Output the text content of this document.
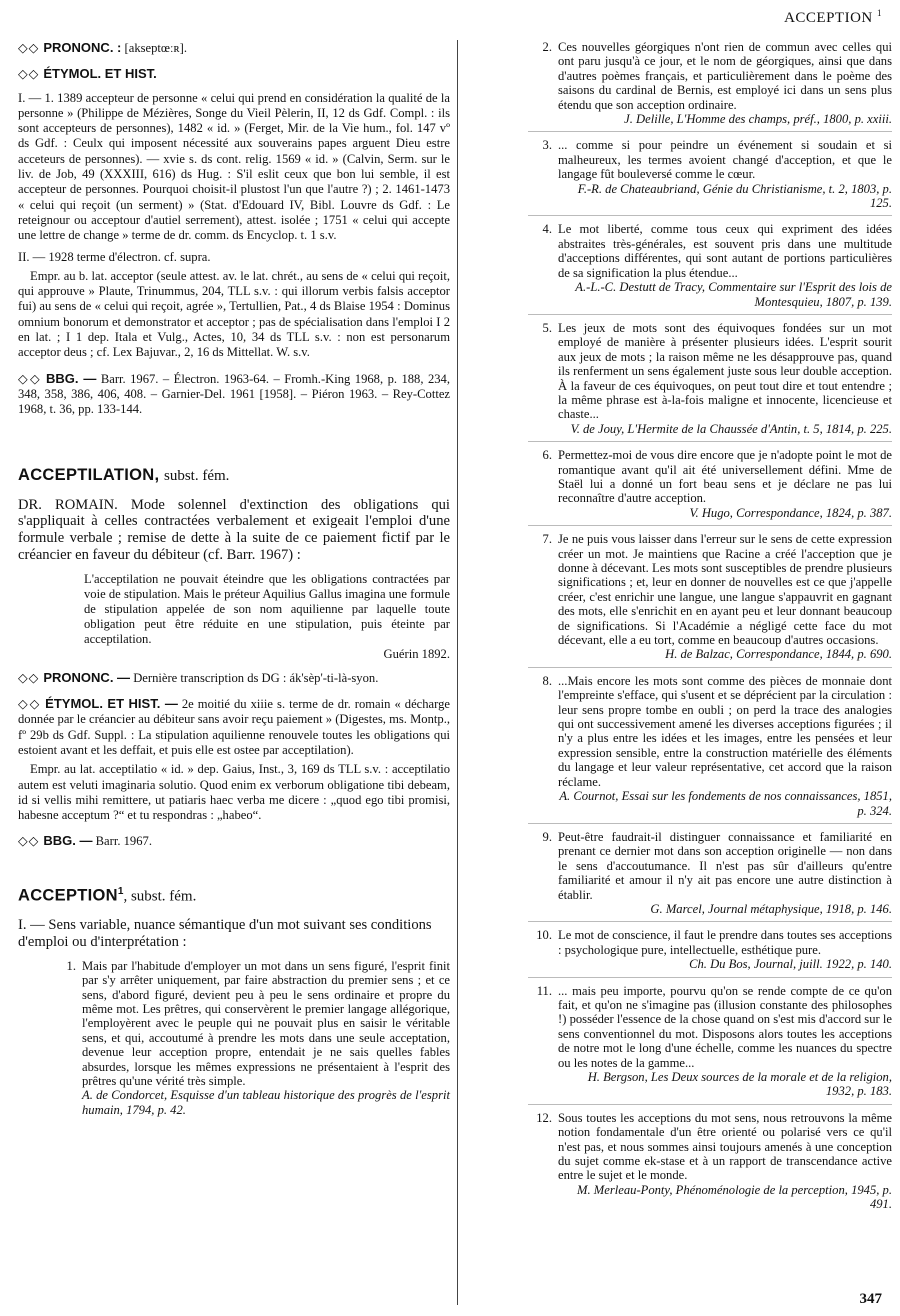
ACCEPTION $^1$

◇◇ PRONONC. : [akseptœːʀ].

◇◇ ÉTYMOL. ET HIST.

I. — 1. 1389 accepteur de personne « celui qui prend en considération la qualité de la personne » (Philippe de Mézières, Songe du Vieil Pèlerin, II, 12 ds Gdf. Compl. : ils sont accepteurs de personnes), 1482 « id. » (Ferget, Mir. de la Vie hum., fol. 147 vº ds Gdf. : Ceulx qui imposent nécessité aux souverains papes arguent Dieu estre acceteurs de personnes). — xvie s. ds cont. relig. 1569 « id. » (Calvin, Serm. sur le liv. de Job, 49 (XXXIII, 616) ds Hug. : S'il eslit ceux que bon lui semble, il est accepteur de personnes. Pourquoi choisit-il plustost l'un que l'autre ?) ; 2. 1461-1473 « celui qui reçoit (un serment) » (Stat. d'Edouard IV, Bibl. Louvre ds Gdf. : Le reteignour ou acceptour d'autiel serrement), attest. isolée ; 1751 « celui qui accepte une lettre de change » terme de dr. comm. ds Encyclop. t. 1 s.v.

II. — 1928 terme d'électron. cf. supra.

Empr. au b. lat. acceptor (seule attest. av. le lat. chrét., au sens de « celui qui reçoit, qui approuve » Plaute, Trinummus, 204, TLL s.v. : qui illorum verbis falsis acceptor fui) au sens de « celui qui reçoit, agrée », Tertullien, Pat., 4 ds Blaise 1954 : Dominus omnium bonorum et demonstrator et acceptor ; pas de spécialisation dans l'emploi I 2 en lat. ; I 1 dep. Itala et Vulg., Actes, 10, 34 ds TLL s.v. : non est personarum acceptor deus ; cf. Lex Bajuvar., 2, 16 ds Mittellat. W. s.v.

◇◇ BBG. — Barr. 1967. – Électron. 1963-64. – Fromh.-King 1968, p. 188, 234, 348, 358, 386, 406, 408. – Garnier-Del. 1961 [1958]. – Piéron 1963. – Rey-Cottez 1968, t. 36, pp. 133-144.

ACCEPTILATION, subst. fém.

DR. ROMAIN. Mode solennel d'extinction des obligations qui s'appliquait à celles contractées verbalement et exigeait l'emploi d'une formule verbale ; remise de dette à la suite de ce paiement fictif par le créancier en faveur du débiteur (cf. Barr. 1967) :

L'acceptilation ne pouvait éteindre que les obligations contractées par voie de stipulation. Mais le préteur Aquilius Gallus imagina une formule de stipulation appelée de son nom aquilienne par laquelle toute obligation peut être réduite en une stipulation, puis éteinte par acceptilation.

Guérin 1892.

◇◇ PRONONC. — Dernière transcription ds DG : ák'sèp'-ti-là-syon.

◇◇ ÉTYMOL. ET HIST. — 2e moitié du xiiie s. terme de dr. romain « décharge donnée par le créancier au débiteur sans avoir reçu paiement » (Digestes, ms. Montp., fº 29b ds Gdf. Suppl. : La stipulation aquilienne renouvele toutes les obligations qui estoient avant et les deffait, et puis elle est ostee par acceptilation).

Empr. au lat. acceptilatio « id. » dep. Gaius, Inst., 3, 169 ds TLL s.v. : acceptilatio autem est veluti imaginaria solutio. Quod enim ex verborum obligatione tibi debeam, id si vellis mihi remittere, ut patiaris haec verba me dicere : „quod ego tibi promisi, habesne acceptum ?“ et tu respondras : „habeo“.

◇◇ BBG. — Barr. 1967.

ACCEPTION$^1$, subst. fém.

I. — Sens variable, nuance sémantique d'un mot suivant ses conditions d'emploi ou d'interprétation :

1. Mais par l'habitude d'employer un mot dans un sens figuré, l'esprit finit par s'y arrêter uniquement, par faire abstraction du premier sens ; et ce sens, d'abord figuré, devient peu à peu le sens ordinaire et propre du même mot. Les prêtres, qui conservèrent le premier langage allégorique, l'employèrent avec le peuple qui ne pouvait plus en saisir le véritable sens, et qui, accoutumé à prendre les mots dans une seule acceptation, devenue leur acception propre, entendait je ne sais quelles fables absurdes, lorsque les mêmes expressions ne présentaient à l'esprit des prêtres qu'une vérité très simple.
A. de Condorcet, Esquisse d'un tableau historique des progrès de l'esprit humain, 1794, p. 42.
2. Ces nouvelles géorgiques n'ont rien de commun avec celles qui ont paru jusqu'à ce jour, et le nom de géorgiques, ainsi que dans d'autres poèmes français, et particulièrement dans le poème des saisons du cardinal de Bernis, est employé ici dans un sens plus étendu que son acception ordinaire.
J. Delille, L'Homme des champs, préf., 1800, p. xxiii.
3. ... comme si pour peindre un événement si soudain et si malheureux, les termes avoient changé d'acception, et que le langage fût bouleversé comme le cœur.
F.-R. de Chateaubriand, Génie du Christianisme, t. 2, 1803, p. 125.
4. Le mot liberté, comme tous ceux qui expriment des idées abstraites très-générales, est souvent pris dans une multitude d'acceptions différentes, qui sont autant de portions particulières de sa signification la plus étendue...
A.-L.-C. Destutt de Tracy, Commentaire sur l'Esprit des lois de Montesquieu, 1807, p. 139.
5. Les jeux de mots sont des équivoques fondées sur un mot employé de manière à présenter plusieurs idées. L'esprit sourit aux jeux de mots ; la raison même ne les désapprouve pas, quand ils renferment un sens également juste sous leur double acception. À la faveur de ces équivoques, on peut tout dire et tout entendre ; la même phrase est à-la-fois maligne et innocente, licencieuse et chaste...
V. de Jouy, L'Hermite de la Chaussée d'Antin, t. 5, 1814, p. 225.
6. Permettez-moi de vous dire encore que je n'adopte point le mot de romantique avant qu'il ait été universellement défini. Mme de Staël lui a donné un fort beau sens et je déclare ne pas lui reconnaître d'autre acception.
V. Hugo, Correspondance, 1824, p. 387.
7. Je ne puis vous laisser dans l'erreur sur le sens de cette expression créer un mot. Je maintiens que Racine a créé l'acception que je donne à décevant. Les mots sont susceptibles de prendre plusieurs significations ; et, leur en donner de nouvelles est ce que j'appelle créer, c'est enrichir une langue, une langue s'appauvrit en gagnant des mots, elle s'enrichit en en ayant peu et leur donnant beaucoup de significations. Si l'Académie a négligé cette face du mot décevant, elle a eu tort, comme en beaucoup d'autres occasions.
H. de Balzac, Correspondance, 1844, p. 690.
8. ...Mais encore les mots sont comme des pièces de monnaie dont l'empreinte s'efface, qui s'usent et se déprécient par la circulation : leur sens propre tombe en oubli ; on perd la trace des analogies qui ont successivement amené les diverses acceptions figurées ; il n'y a plus entre les idées et les images, entre les pensées et leur expression sensible, entre la construction matérielle des éléments du langage et leur valeur représentative, cet accord que la raison réclame.
A. Cournot, Essai sur les fondements de nos connaissances, 1851, p. 324.
9. Peut-être faudrait-il distinguer connaissance et familiarité en prenant ce dernier mot dans son acception originelle — non dans le sens d'accoutumance. Il n'est pas sûr d'ailleurs qu'entre familiarité et amour il n'y ait pas encore une autre distinction à établir.
G. Marcel, Journal métaphysique, 1918, p. 146.
10. Le mot de conscience, il faut le prendre dans toutes ses acceptions : psychologique pure, intellectuelle, esthétique pure.
Ch. Du Bos, Journal, juill. 1922, p. 140.
11. ... mais peu importe, pourvu qu'on se rende compte de ce qu'on fait, et qu'on ne s'imagine pas (illusion constante des philosophes !) posséder l'essence de la chose quand on s'est mis d'accord sur le sens conventionnel du mot. Disposons alors toutes les acceptions de notre mot le long d'une échelle, comme les nuances du spectre ou les notes de la gamme...
H. Bergson, Les Deux sources de la morale et de la religion, 1932, p. 183.
12. Sous toutes les acceptions du mot sens, nous retrouvons la même notion fondamentale d'un être orienté ou polarisé vers ce qu'il n'est pas, et nous sommes ainsi toujours amenés à une conception du sujet comme ek-stase et à un rapport de transcendance active entre le sujet et le monde.
M. Merleau-Ponty, Phénoménologie de la perception, 1945, p. 491.
347
